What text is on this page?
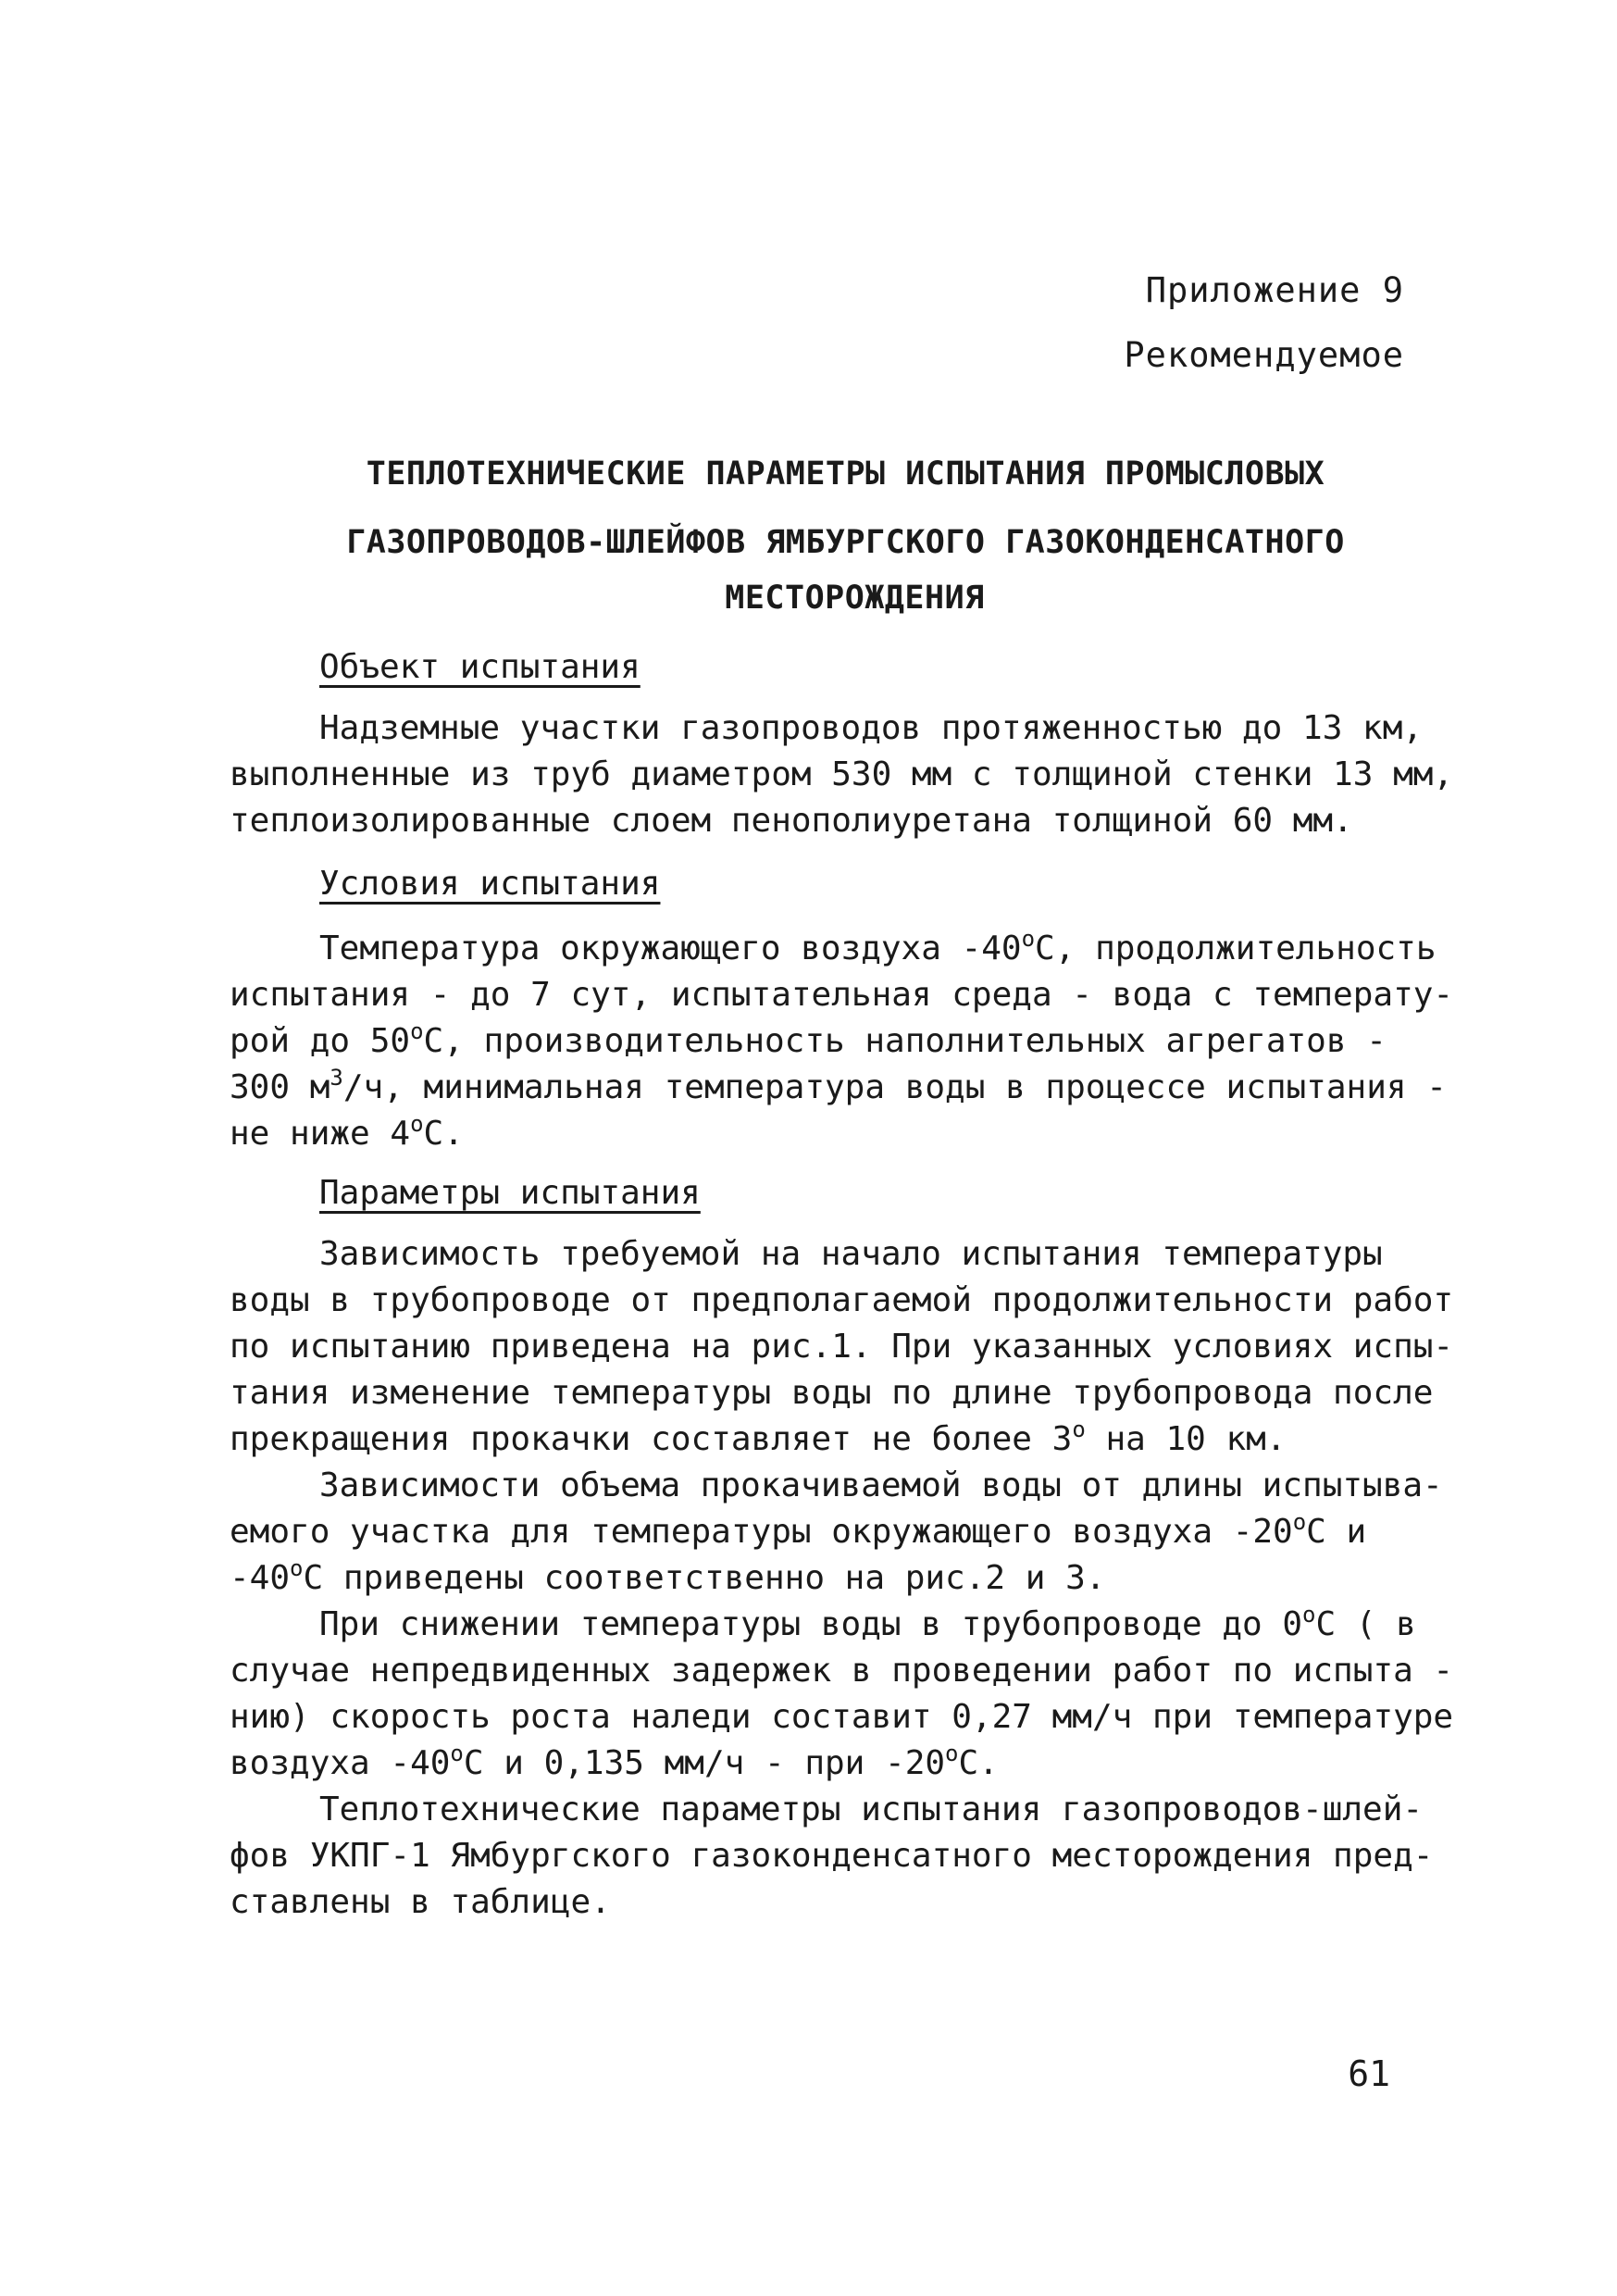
Приложение 9
Рекомендуемое
ТЕПЛОТЕХНИЧЕСКИЕ ПАРАМЕТРЫ ИСПЫТАНИЯ ПРОМЫСЛОВЫХ
ГАЗОПРОВОДОВ-ШЛЕЙФОВ ЯМБУРГСКОГО ГАЗОКОНДЕНСАТНОГО
МЕСТОРОЖДЕНИЯ
Объект испытания
Надземные участки газопроводов протяженностью до 13 км,
выполненные из труб диаметром 530 мм с толщиной стенки 13 мм,
теплоизолированные слоем пенополиуретана толщиной 60 мм.
Условия испытания
Температура окружающего воздуха $-40^оС$, продолжительность
испытания - до 7 сут, испытательная среда - вода с температу-
рой до $50^оС$, производительность наполнительных агрегатов -
300 $м^3/ч$, минимальная температура воды в процессе испытания -
не ниже $4^оС$.
Параметры испытания
Зависимость требуемой на начало испытания температуры
воды в трубопроводе от предполагаемой продолжительности работ
по испытанию приведена на рис.1. При указанных условиях испы-
тания изменение температуры воды по длине трубопровода после
прекращения прокачки составляет не более $3^о$ на 10 км.
Зависимости объема прокачиваемой воды от длины испытыва-
емого участка для температуры окружающего воздуха $-20^оС$ и
$-40^оС$ приведены соответственно на рис.2 и 3.
При снижении температуры воды в трубопроводе до $0^оС$ ( в
случае непредвиденных задержек в проведении работ по испыта -
нию) скорость роста наледи составит 0,27 мм/ч при температуре
воздуха $-40^оС$ и 0,135 мм/ч - при $-20^оС$.
Теплотехнические параметры испытания газопроводов-шлей-
фов УКПГ-1 Ямбургского газоконденсатного месторождения пред-
ставлены в таблице.
61
